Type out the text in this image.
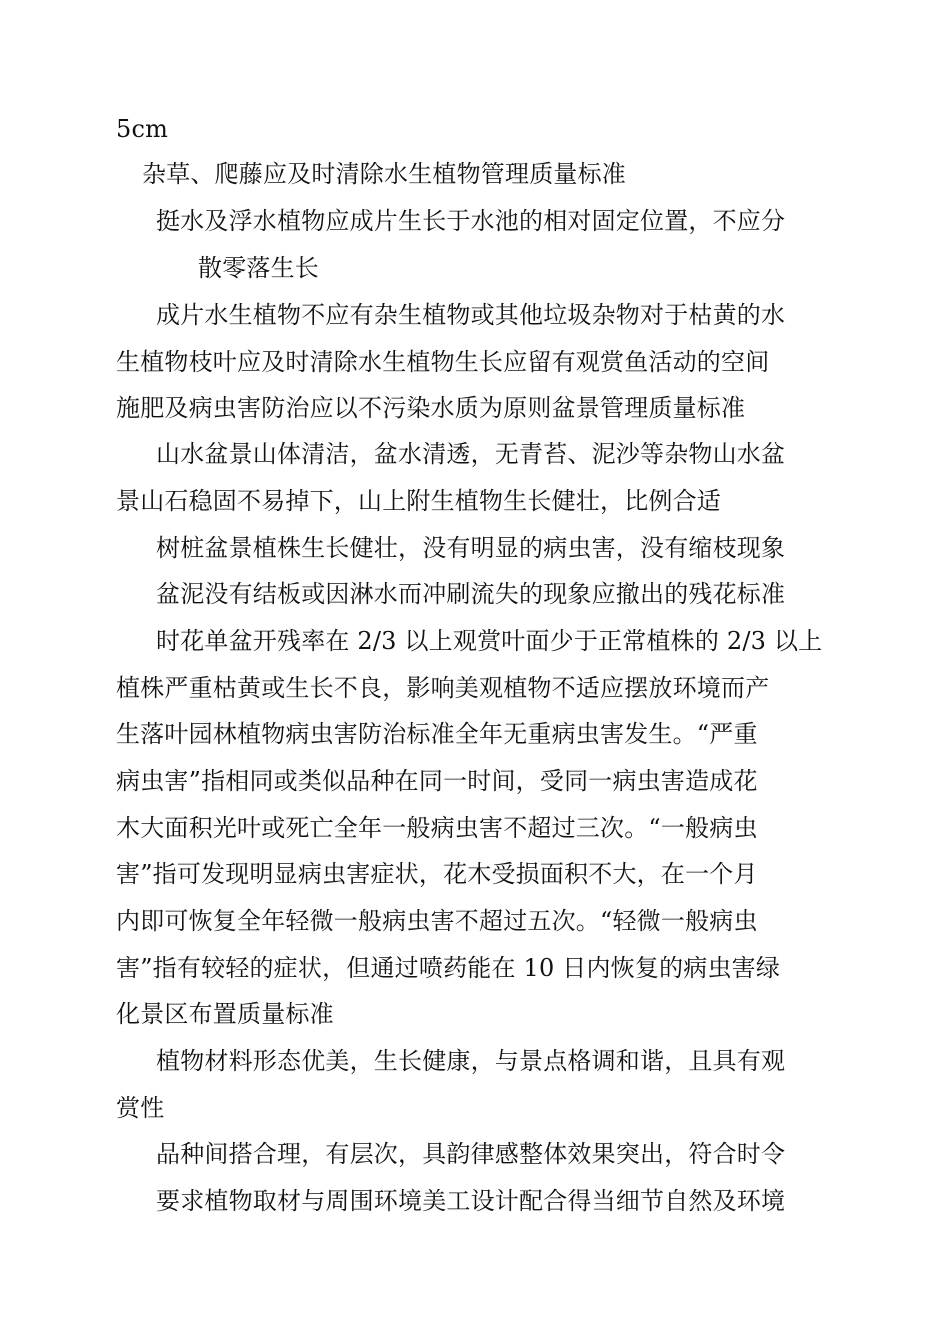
5cm
杂草、爬藤应及时清除水生植物管理质量标准
挺水及浮水植物应成片生长于水池的相对固定位置，不应分
散零落生长
成片水生植物不应有杂生植物或其他垃圾杂物对于枯黄的水
生植物枝叶应及时清除水生植物生长应留有观赏鱼活动的空间
施肥及病虫害防治应以不污染水质为原则盆景管理质量标准
山水盆景山体清洁，盆水清透，无青苔、泥沙等杂物山水盆
景山石稳固不易掉下，山上附生植物生长健壮，比例合适
树桩盆景植株生长健壮，没有明显的病虫害，没有缩枝现象
盆泥没有结板或因淋水而冲刷流失的现象应撤出的残花标准
时花单盆开残率在 2/3 以上观赏叶面少于正常植株的 2/3 以上
植株严重枯黄或生长不良，影响美观植物不适应摆放环境而产
生落叶园林植物病虫害防治标准全年无重病虫害发生。“严重
病虫害”指相同或类似品种在同一时间，受同一病虫害造成花
木大面积光叶或死亡全年一般病虫害不超过三次。“一般病虫
害”指可发现明显病虫害症状，花木受损面积不大，在一个月
内即可恢复全年轻微一般病虫害不超过五次。“轻微一般病虫
害”指有较轻的症状，但通过喷药能在 10 日内恢复的病虫害绿
化景区布置质量标准
植物材料形态优美，生长健康，与景点格调和谐，且具有观
赏性
品种间搭合理，有层次，具韵律感整体效果突出，符合时令
要求植物取材与周围环境美工设计配合得当细节自然及环境
